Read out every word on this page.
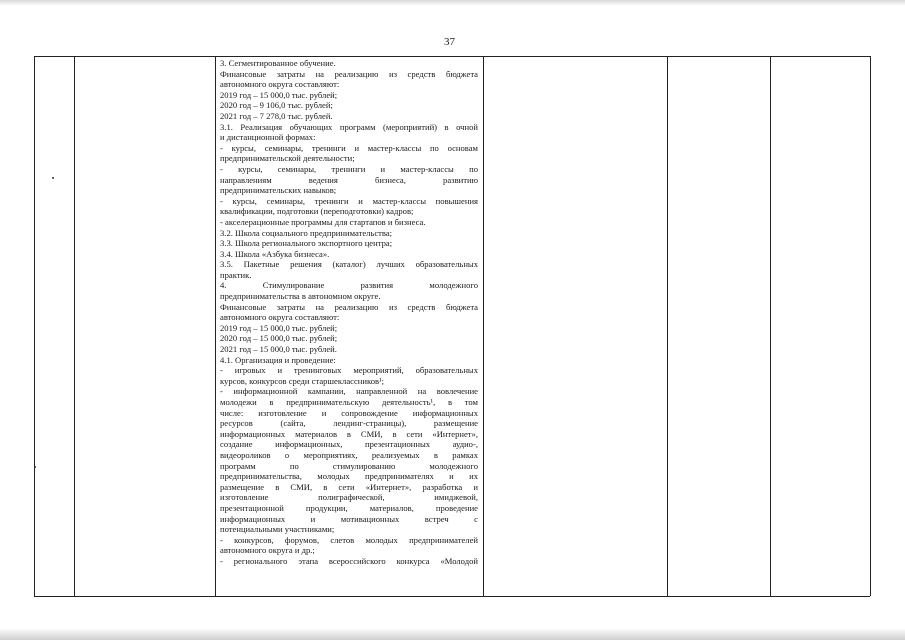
37
3. Сегментированное обучение.
Финансовые затраты на реализацию из средств бюджета
автономного округа составляют:
2019 год – 15 000,0 тыс. рублей;
2020 год – 9 106,0 тыс. рублей;
2021 год – 7 278,0 тыс. рублей.
3.1. Реализация обучающих программ (мероприятий) в очной
и дистанционной формах:
- курсы, семинары, тренинги и мастер-классы по основам
предпринимательской деятельности;
- курсы, семинары, тренинги и мастер-классы по
направлениям ведения бизнеса, развитию
предпринимательских навыков;
- курсы, семинары, тренинги и мастер-классы повышения
квалификации, подготовки (переподготовки) кадров;
- акселерационные программы для стартапов и бизнеса.
3.2. Школа социального предпринимательства;
3.3. Школа регионального экспортного центра;
3.4. Школа «Азбука бизнеса».
3.5. Пакетные решения (каталог) лучших образовательных
практик.
4. Стимулирование развития молодежного
предпринимательства в автономном округе.
Финансовые затраты на реализацию из средств бюджета
автономного округа составляют:
2019 год – 15 000,0 тыс. рублей;
2020 год – 15 000,0 тыс. рублей;
2021 год – 15 000,0 тыс. рублей.
4.1. Организация и проведение:
- игровых и тренинговых мероприятий, образовательных
курсов, конкурсов среди старшеклассников¹;
- информационной кампании, направленной на вовлечение
молодежи в предпринимательскую деятельность¹, в том
числе: изготовление и сопровождение информационных
ресурсов (сайта, лендинг-страницы), размещение
информационных материалов в СМИ, в сети «Интернет»,
создание информационных, презентационных аудио-,
видеороликов о мероприятиях, реализуемых в рамках
программ по стимулированию молодежного
предпринимательства, молодых предпринимателях и их
размещение в СМИ, в сети «Интернет», разработка и
изготовление полиграфической, имиджевой,
презентационной продукции, материалов, проведение
информационных и мотивационных встреч с
потенциальными участниками;
- конкурсов, форумов, слетов молодых предпринимателей
автономного округа и др.;
- регионального этапа всероссийского конкурса «Молодой
